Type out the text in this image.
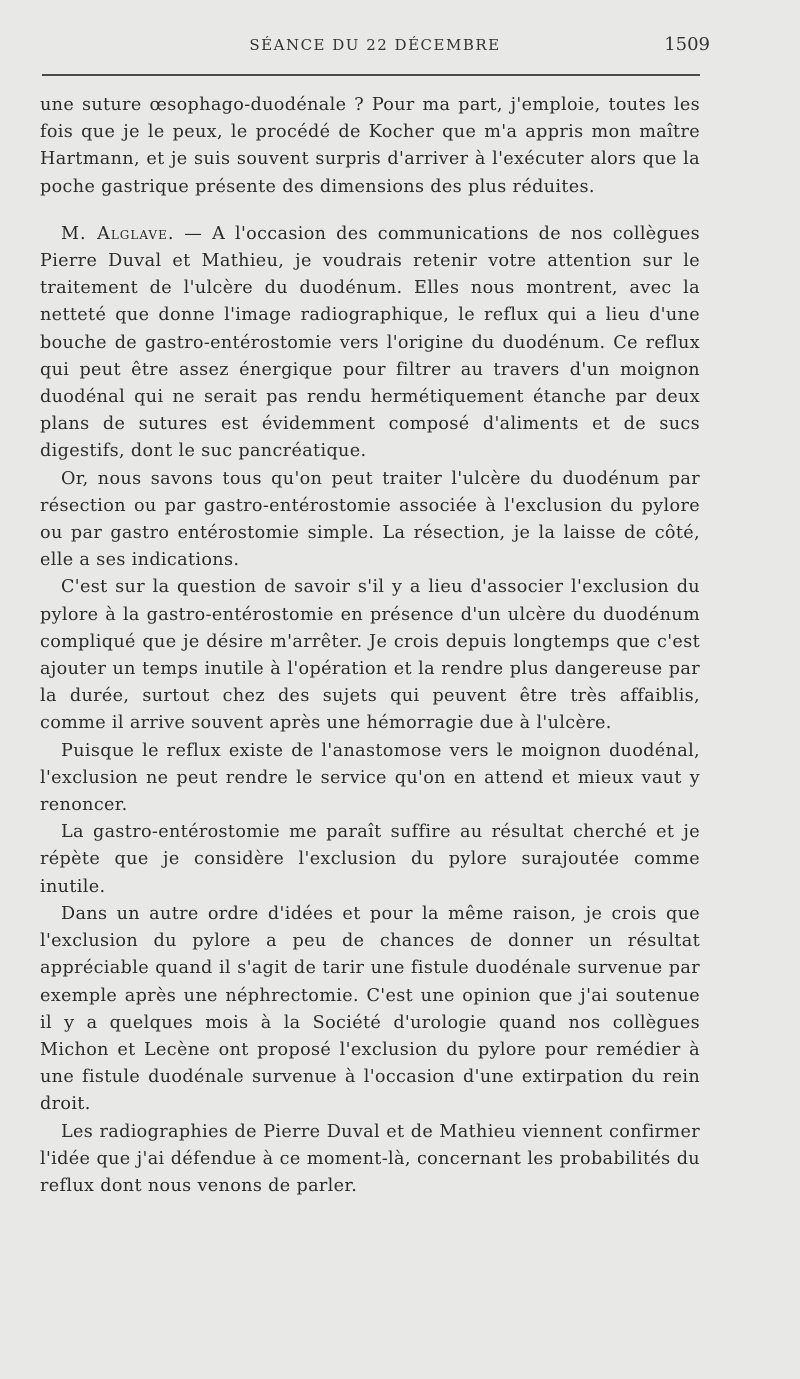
SÉANCE DU 22 DÉCEMBRE	1509

une suture œsophago-duodénale ? Pour ma part, j'emploie, toutes les fois que je le peux, le procédé de Kocher que m'a appris mon maître Hartmann, et je suis souvent surpris d'arriver à l'exécuter alors que la poche gastrique présente des dimensions des plus réduites.

M. Alglave. — A l'occasion des communications de nos collègues Pierre Duval et Mathieu, je voudrais retenir votre attention sur le traitement de l'ulcère du duodénum. Elles nous montrent, avec la netteté que donne l'image radiographique, le reflux qui a lieu d'une bouche de gastro-entérostomie vers l'origine du duodénum. Ce reflux qui peut être assez énergique pour filtrer au travers d'un moignon duodénal qui ne serait pas rendu hermétiquement étanche par deux plans de sutures est évidemment composé d'aliments et de sucs digestifs, dont le suc pancréatique.

Or, nous savons tous qu'on peut traiter l'ulcère du duodénum par résection ou par gastro-entérostomie associée à l'exclusion du pylore ou par gastro entérostomie simple. La résection, je la laisse de côté, elle a ses indications.

C'est sur la question de savoir s'il y a lieu d'associer l'exclusion du pylore à la gastro-entérostomie en présence d'un ulcère du duodénum compliqué que je désire m'arrêter. Je crois depuis longtemps que c'est ajouter un temps inutile à l'opération et la rendre plus dangereuse par la durée, surtout chez des sujets qui peuvent être très affaiblis, comme il arrive souvent après une hémorragie due à l'ulcère.

Puisque le reflux existe de l'anastomose vers le moignon duodénal, l'exclusion ne peut rendre le service qu'on en attend et mieux vaut y renoncer.

La gastro-entérostomie me paraît suffire au résultat cherché et je répète que je considère l'exclusion du pylore surajoutée comme inutile.

Dans un autre ordre d'idées et pour la même raison, je crois que l'exclusion du pylore a peu de chances de donner un résultat appréciable quand il s'agit de tarir une fistule duodénale survenue par exemple après une néphrectomie. C'est une opinion que j'ai soutenue il y a quelques mois à la Société d'urologie quand nos collègues Michon et Lecène ont proposé l'exclusion du pylore pour remédier à une fistule duodénale survenue à l'occasion d'une extirpation du rein droit.

Les radiographies de Pierre Duval et de Mathieu viennent confirmer l'idée que j'ai défendue à ce moment-là, concernant les probabilités du reflux dont nous venons de parler.
